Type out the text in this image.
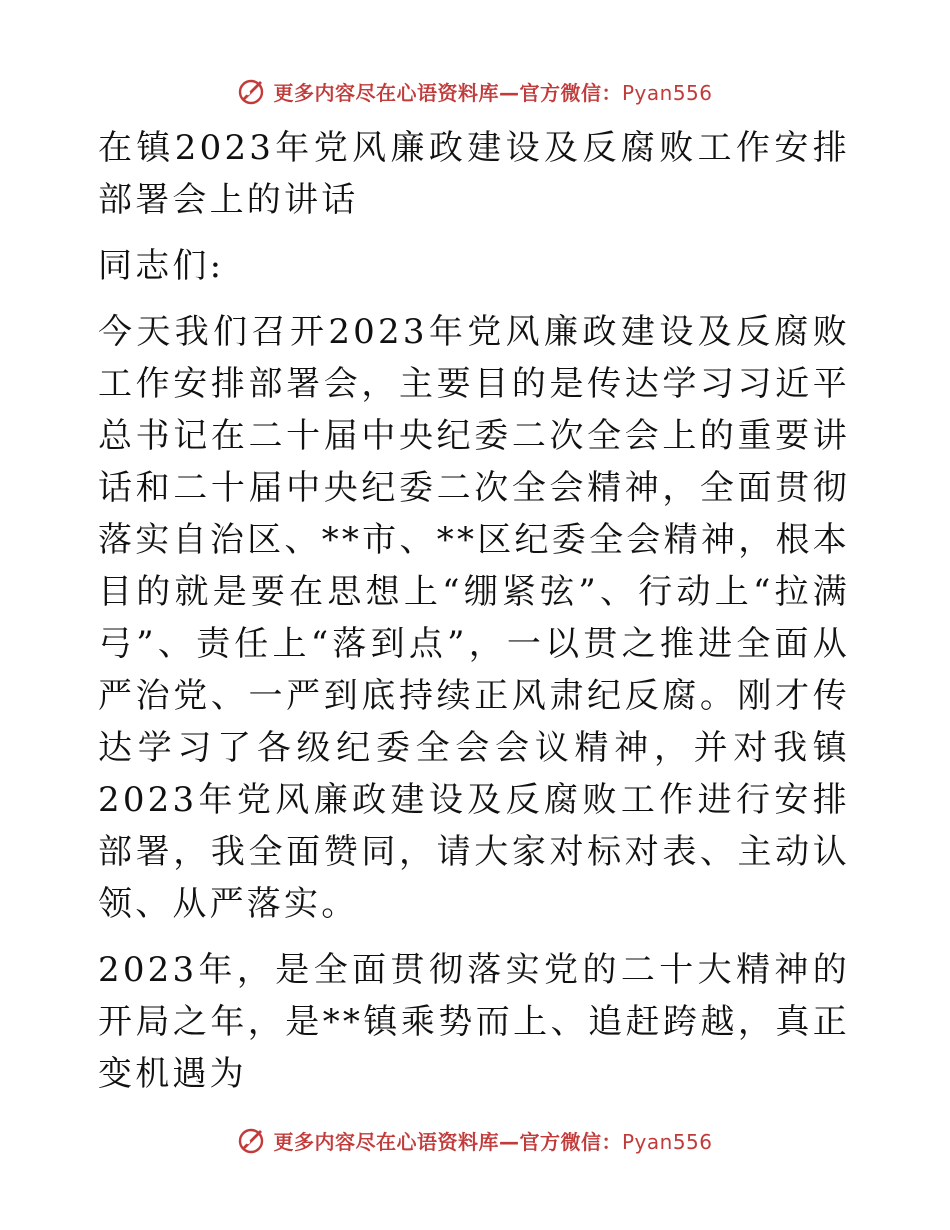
更多内容尽在心语资料库—官方微信：Pyan556

在镇2023年党风廉政建设及反腐败工作安排部署会上的讲话

同志们:

今天我们召开2023年党风廉政建设及反腐败工作安排部署会，主要目的是传达学习习近平总书记在二十届中央纪委二次全会上的重要讲话和二十届中央纪委二次全会精神，全面贯彻落实自治区、**市、**区纪委全会精神，根本目的就是要在思想上“绷紧弦”、行动上“拉满弓”、责任上“落到点”，一以贯之推进全面从严治党、一严到底持续正风肃纪反腐。刚才传达学习了各级纪委全会会议精神，并对我镇2023年党风廉政建设及反腐败工作进行安排部署，我全面赞同，请大家对标对表、主动认领、从严落实。

2023年，是全面贯彻落实党的二十大精神的开局之年，是**镇乘势而上、追赶跨越，真正变机遇为

更多内容尽在心语资料库—官方微信：Pyan556
